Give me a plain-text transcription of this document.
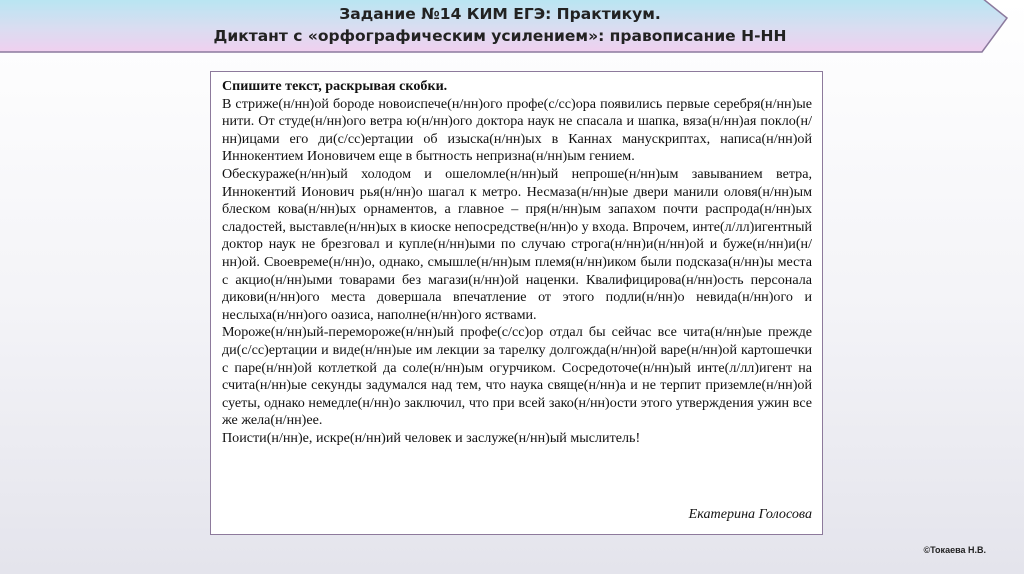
Задание №14 КИМ ЕГЭ: Практикум.
Диктант с «орфографическим усилением»: правописание Н-НН
Спишите текст, раскрывая скобки.
В стриже(н/нн)ой бороде новоиспече(н/нн)ого профе(с/сс)ора появились первые серебря(н/нн)ые нити. От студе(н/нн)ого ветра ю(н/нн)ого доктора наук не спасала и шапка, вяза(н/нн)ая покло(н/нн)ицами его ди(с/сс)ертации об изыска(н/нн)ых в Каннах манускриптах, написа(н/нн)ой Иннокентием Ионовичем еще в бытность непризна(н/нн)ым гением.
Обескураже(н/нн)ый холодом и ошеломле(н/нн)ый непроше(н/нн)ым завыванием ветра, Иннокентий Ионович рья(н/нн)о шагал к метро. Несмаза(н/нн)ые двери манили оловя(н/нн)ым блеском кова(н/нн)ых орнаментов, а главное – пря(н/нн)ым запахом почти распрода(н/нн)ых сладостей, выставле(н/нн)ых в киоске непосредстве(н/нн)о у входа. Впрочем, инте(л/лл)игентный доктор наук не брезговал и купле(н/нн)ыми по случаю строга(н/нн)и(н/нн)ой и буже(н/нн)и(н/нн)ой. Своевреме(н/нн)о, однако, смышле(н/нн)ым племя(н/нн)иком были подсказа(н/нн)ы места с акцио(н/нн)ыми товарами без магази(н/нн)ой наценки. Квалифицирова(н/нн)ость персонала дикови(н/нн)ого места довершала впечатление от этого подли(н/нн)о невида(н/нн)ого и неслыха(н/нн)ого оазиса, наполне(н/нн)ого яствами.
Мороже(н/нн)ый-перемороже(н/нн)ый профе(с/сс)ор отдал бы сейчас все чита(н/нн)ые прежде ди(с/сс)ертации и виде(н/нн)ые им лекции за тарелку долгожда(н/нн)ой варе(н/нн)ой картошечки с паре(н/нн)ой котлеткой да соле(н/нн)ым огурчиком. Сосредоточе(н/нн)ый инте(л/лл)игент на счита(н/нн)ые секунды задумался над тем, что наука свяще(н/нн)а и не терпит приземле(н/нн)ой суеты, однако немедле(н/нн)о заключил, что при всей зако(н/нн)ости этого утверждения ужин все же жела(н/нн)ее.
Поисти(н/нн)е, искре(н/нн)ий человек и заслуже(н/нн)ый мыслитель!
Екатерина Голосова
©Токаева Н.В.
